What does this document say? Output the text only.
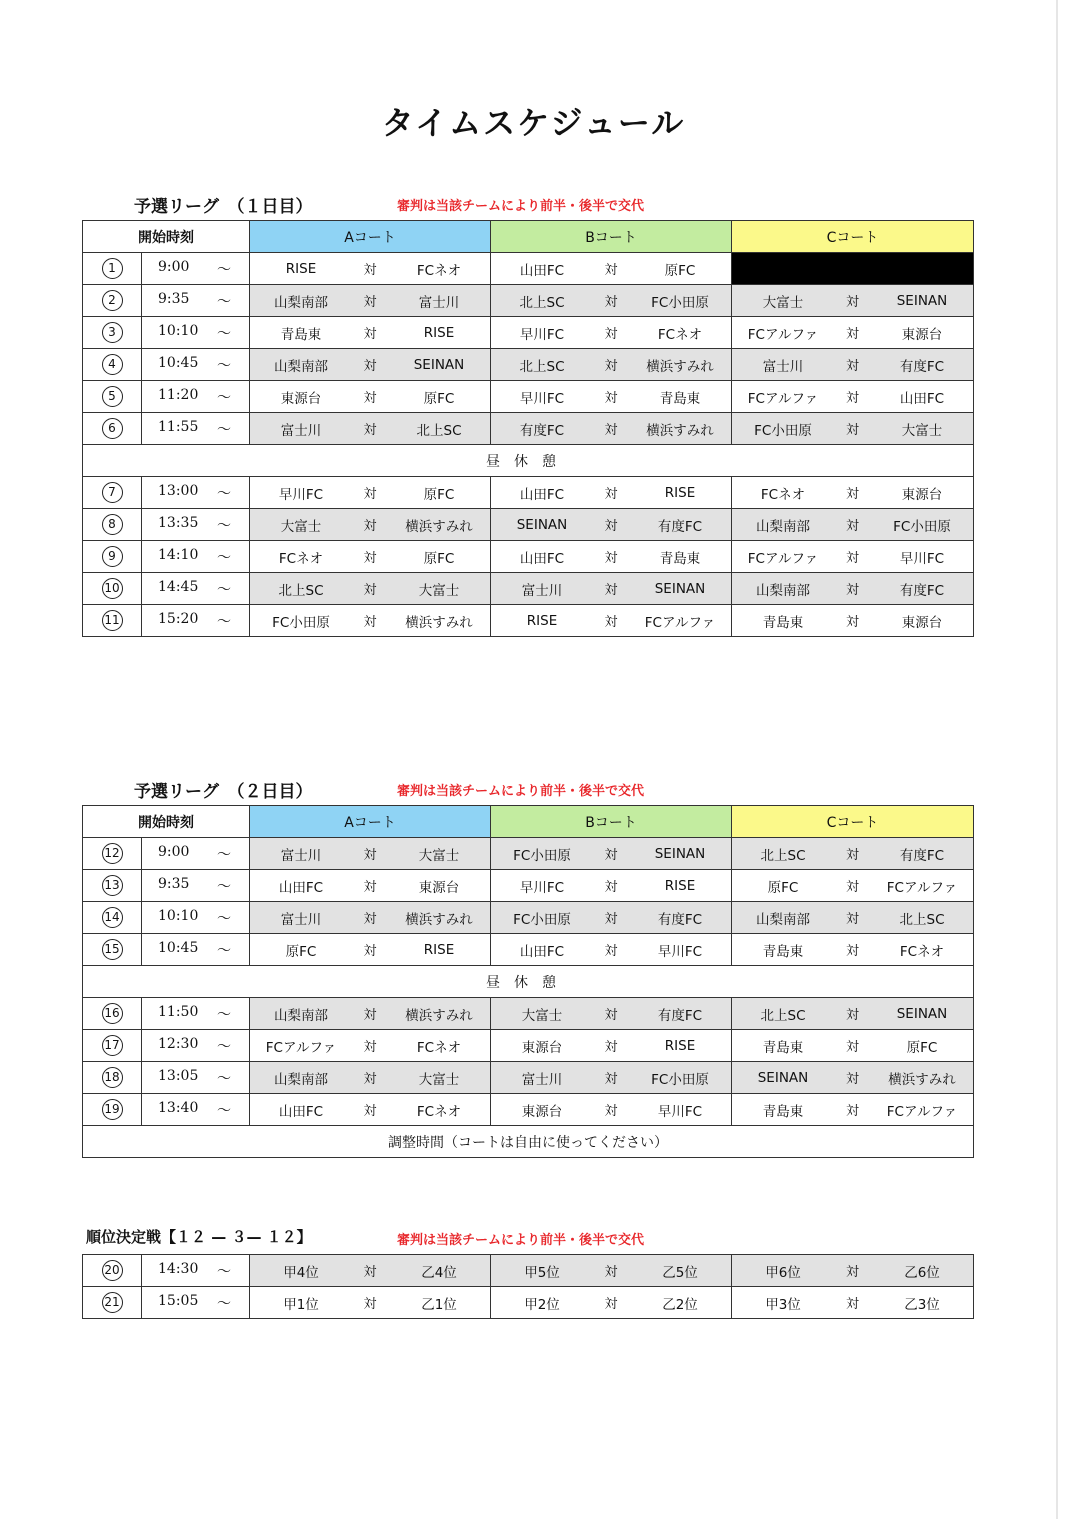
タイムスケジュール
予選リーグ　（１日目）	審判は当該チームにより前半・後半で交代
開始時刻		Aコート	Bコート	Cコート
1	9:00 ～	RISE 対 FCネオ	山田FC 対 原FC	

2	9:35 ～	山梨南部 対 富士川	北上SC 対 FC小田原	大富士 対 SEINAN

3	10:10 ～	青島東 対 RISE	早川FC 対 FCネオ	FCアルファ 対 東源台

4	10:45 ～	山梨南部 対 SEINAN	北上SC 対 横浜すみれ	富士川 対 有度FC

5	11:20 ～	東源台 対 原FC	早川FC 対 青島東	FCアルファ 対 山田FC

6	11:55 ～	富士川 対 北上SC	有度FC 対 横浜すみれ	FC小田原 対 大富士

昼休憩				
7	13:00 ～	早川FC 対 原FC	山田FC 対 RISE	FCネオ 対 東源台

8	13:35 ～	大富士 対 横浜すみれ	SEINAN 対 有度FC	山梨南部 対 FC小田原

9	14:10 ～	FCネオ 対 原FC	山田FC 対 青島東	FCアルファ 対 早川FC

10	14:45 ～	北上SC 対 大富士	富士川 対 SEINAN	山梨南部 対 有度FC

11	15:20 ～	FC小田原 対 横浜すみれ	RISE 対 FCアルファ	青島東 対 東源台
予選リーグ　（２日目）	審判は当該チームにより前半・後半で交代
開始時刻		Aコート	Bコート	Cコート
12	9:00 ～	富士川 対 大富士	FC小田原 対 SEINAN	北上SC 対 有度FC

13	9:35 ～	山田FC 対 東源台	早川FC 対 RISE	原FC 対 FCアルファ

14	10:10 ～	富士川 対 横浜すみれ	FC小田原 対 有度FC	山梨南部 対 北上SC

15	10:45 ～	原FC 対 RISE	山田FC 対 早川FC	青島東 対 FCネオ

昼休憩				
16	11:50 ～	山梨南部 対 横浜すみれ	大富士 対 有度FC	北上SC 対 SEINAN

17	12:30 ～	FCアルファ 対 FCネオ	東源台 対 RISE	青島東 対 原FC

18	13:05 ～	山梨南部 対 大富士	富士川 対 FC小田原	SEINAN 対 横浜すみれ

19	13:40 ～	山田FC 対 FCネオ	東源台 対 早川FC	青島東 対 FCアルファ

調整時間（コートは自由に使ってください）				
順位決定戦【１２ — ３— １２】	審判は当該チームにより前半・後半で交代
20	14:30 ～	甲4位 対 乙4位	甲5位 対 乙5位	甲6位 対 乙6位

21	15:05 ～	甲1位 対 乙1位	甲2位 対 乙2位	甲3位 対 乙3位
